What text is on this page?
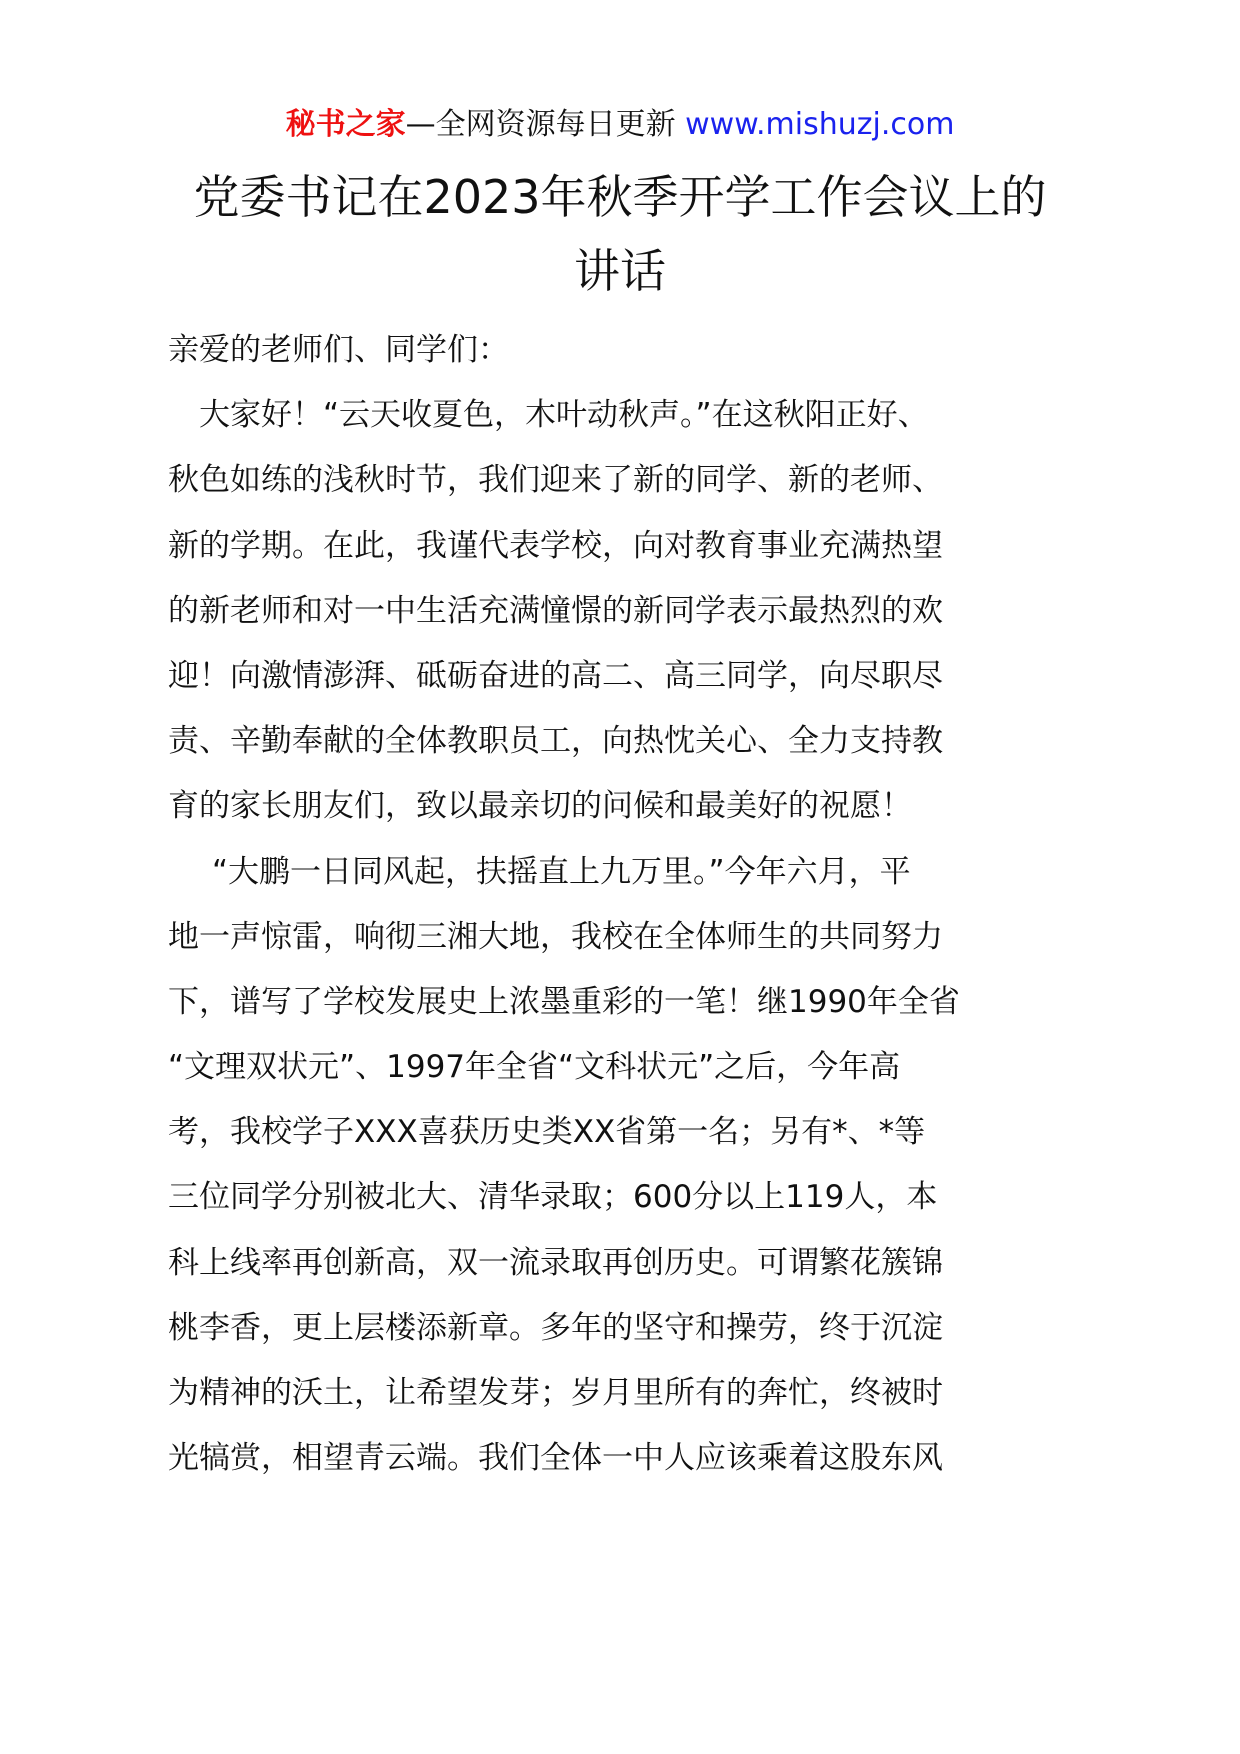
秘书之家—全网资源每日更新 www.mishuzj.com
党委书记在2023年秋季开学工作会议上的
讲话
亲爱的老师们、同学们：
　大家好！“云天收夏色，木叶动秋声。”在这秋阳正好、
秋色如练的浅秋时节，我们迎来了新的同学、新的老师、
新的学期。在此，我谨代表学校，向对教育事业充满热望
的新老师和对一中生活充满憧憬的新同学表示最热烈的欢
迎！向激情澎湃、砥砺奋进的高二、高三同学，向尽职尽
责、辛勤奉献的全体教职员工，向热忱关心、全力支持教
育的家长朋友们，致以最亲切的问候和最美好的祝愿！
“大鹏一日同风起，扶摇直上九万里。”今年六月，平
地一声惊雷，响彻三湘大地，我校在全体师生的共同努力
下，谱写了学校发展史上浓墨重彩的一笔！继1990年全省
“文理双状元”、1997年全省“文科状元”之后，今年高
考，我校学子XXX喜获历史类XX省第一名；另有*、*等
三位同学分别被北大、清华录取；600分以上119人，本
科上线率再创新高，双一流录取再创历史。可谓繁花簇锦
桃李香，更上层楼添新章。多年的坚守和操劳，终于沉淀
为精神的沃土，让希望发芽；岁月里所有的奔忙，终被时
光犒赏，相望青云端。我们全体一中人应该乘着这股东风
